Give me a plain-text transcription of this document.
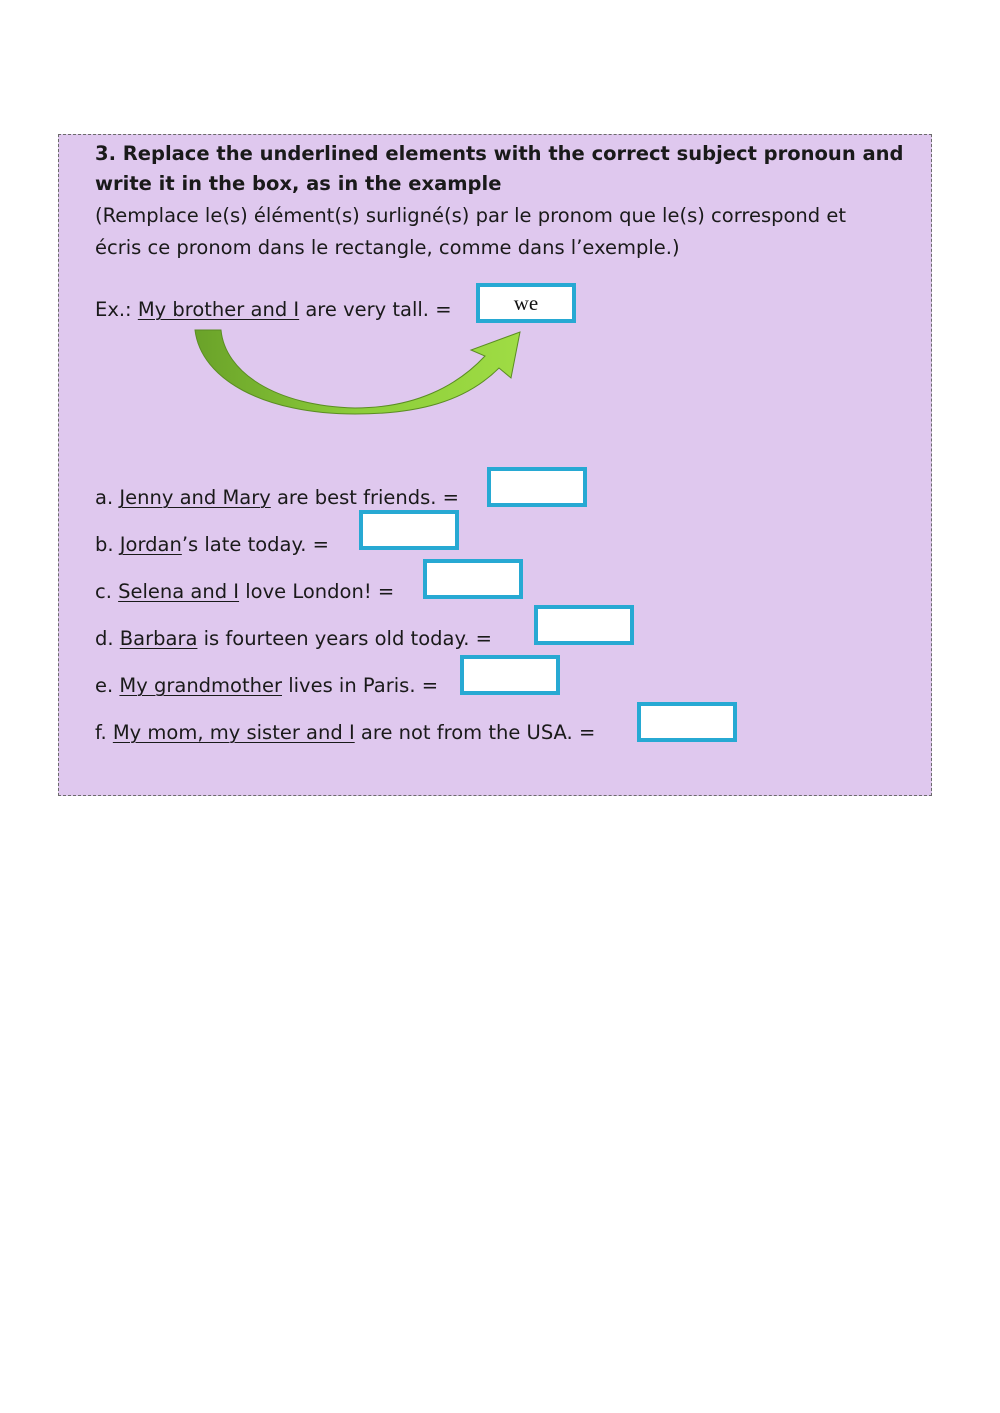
3. Replace the underlined elements with the correct subject pronoun and
write it in the box, as in the example
(Remplace le(s) élément(s) surligné(s) par le pronom que le(s) correspond et
écris ce pronom dans le rectangle, comme dans l’exemple.)
Ex.: My brother and I are very tall. =	we
a. Jenny and Mary are best friends. =
b. Jordan’s late today. =
c. Selena and I love London! =
d. Barbara is fourteen years old today. =
e. My grandmother lives in Paris. =
f. My mom, my sister and I are not from the USA. =
